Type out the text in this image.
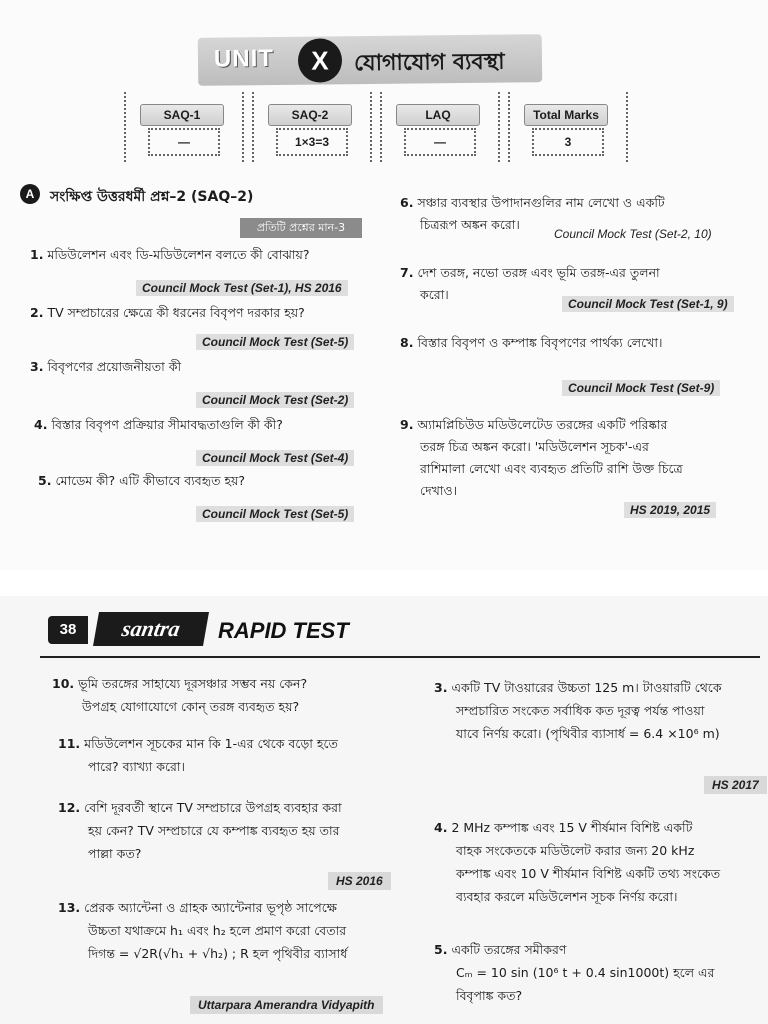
UNIT	X	যোগাযোগ ব্যবস্থা
SAQ-1
—
SAQ-2
1×3=3
LAQ
—
Total Marks
3
A	সংক্ষিপ্ত উত্তরধর্মী প্রশ্ন–2 (SAQ–2)
প্রতিটি প্রশ্নের মান-3
1. মডিউলেশন এবং ডি-মডিউলেশন বলতে কী বোঝায়?
Council Mock Test (Set-1), HS 2016
2. TV সম্প্রচারের ক্ষেত্রে কী ধরনের বিবৃপণ দরকার হয়?
Council Mock Test (Set-5)
3. বিবৃপণের প্রয়োজনীয়তা কী
Council Mock Test (Set-2)
4. বিস্তার বিবৃপণ প্রক্রিয়ার সীমাবদ্ধতাগুলি কী কী?
Council Mock Test (Set-4)
5. মোডেম কী? এটি কীভাবে ব্যবহৃত হয়?
Council Mock Test (Set-5)
6. সঞ্চার ব্যবস্থার উপাদানগুলির নাম লেখো ও একটি
চিত্ররূপ অঙ্কন করো।
Council Mock Test (Set-2, 10)
7. দেশ তরঙ্গ, নভো তরঙ্গ এবং ভূমি তরঙ্গ-এর তুলনা
করো।
Council Mock Test (Set-1, 9)
8. বিস্তার বিবৃপণ ও কম্পাঙ্ক বিবৃপণের পার্থক্য লেখো।
Council Mock Test (Set-9)
9. অ্যামপ্লিচিউড মডিউলেটেড তরঙ্গের একটি পরিষ্কার
তরঙ্গ চিত্র অঙ্কন করো। 'মডিউলেশন সূচক'-এর
রাশিমালা লেখো এবং ব্যবহৃত প্রতিটি রাশি উক্ত চিত্রে
দেখাও।
HS 2019, 2015
38	santra	RAPID TEST
10. ভূমি তরঙ্গের সাহায্যে দূরসঞ্চার সম্ভব নয় কেন?
উপগ্রহ যোগাযোগে কোন্ তরঙ্গ ব্যবহৃত হয়?
11. মডিউলেশন সূচকের মান কি 1-এর থেকে বড়ো হতে
পারে? ব্যাখ্যা করো।
12. বেশি দূরবর্তী স্থানে TV সম্প্রচারে উপগ্রহ ব্যবহার করা
হয় কেন? TV সম্প্রচারে যে কম্পাঙ্ক ব্যবহৃত হয় তার
পাল্লা কত?
HS 2016
13. প্রেরক অ্যান্টেনা ও গ্রাহক অ্যান্টেনার ভূপৃষ্ঠ সাপেক্ষে
উচ্চতা যথাক্রমে h₁ এবং h₂ হলে প্রমাণ করো বেতার
দিগন্ত = √2R(√h₁ + √h₂) ; R হল পৃথিবীর ব্যাসার্ধ
Uttarpara Amerandra Vidyapith
3. একটি TV টাওয়ারের উচ্চতা 125 m। টাওয়ারটি থেকে
সম্প্রচারিত সংকেত সর্বাধিক কত দূরত্ব পর্যন্ত পাওয়া
যাবে নির্ণয় করো। (পৃথিবীর ব্যাসার্ধ = 6.4 ×10⁶ m)
HS 2017
4. 2 MHz কম্পাঙ্ক এবং 15 V শীর্ষমান বিশিষ্ট একটি
বাহক সংকেতকে মডিউলেট করার জন্য 20 kHz
কম্পাঙ্ক এবং 10 V শীর্ষমান বিশিষ্ট একটি তথ্য সংকেত
ব্যবহার করলে মডিউলেশন সূচক নির্ণয় করো।
5. একটি তরঙ্গের সমীকরণ
Cₘ = 10 sin (10⁶ t + 0.4 sin1000t) হলে এর
বিবৃপাঙ্ক কত?
